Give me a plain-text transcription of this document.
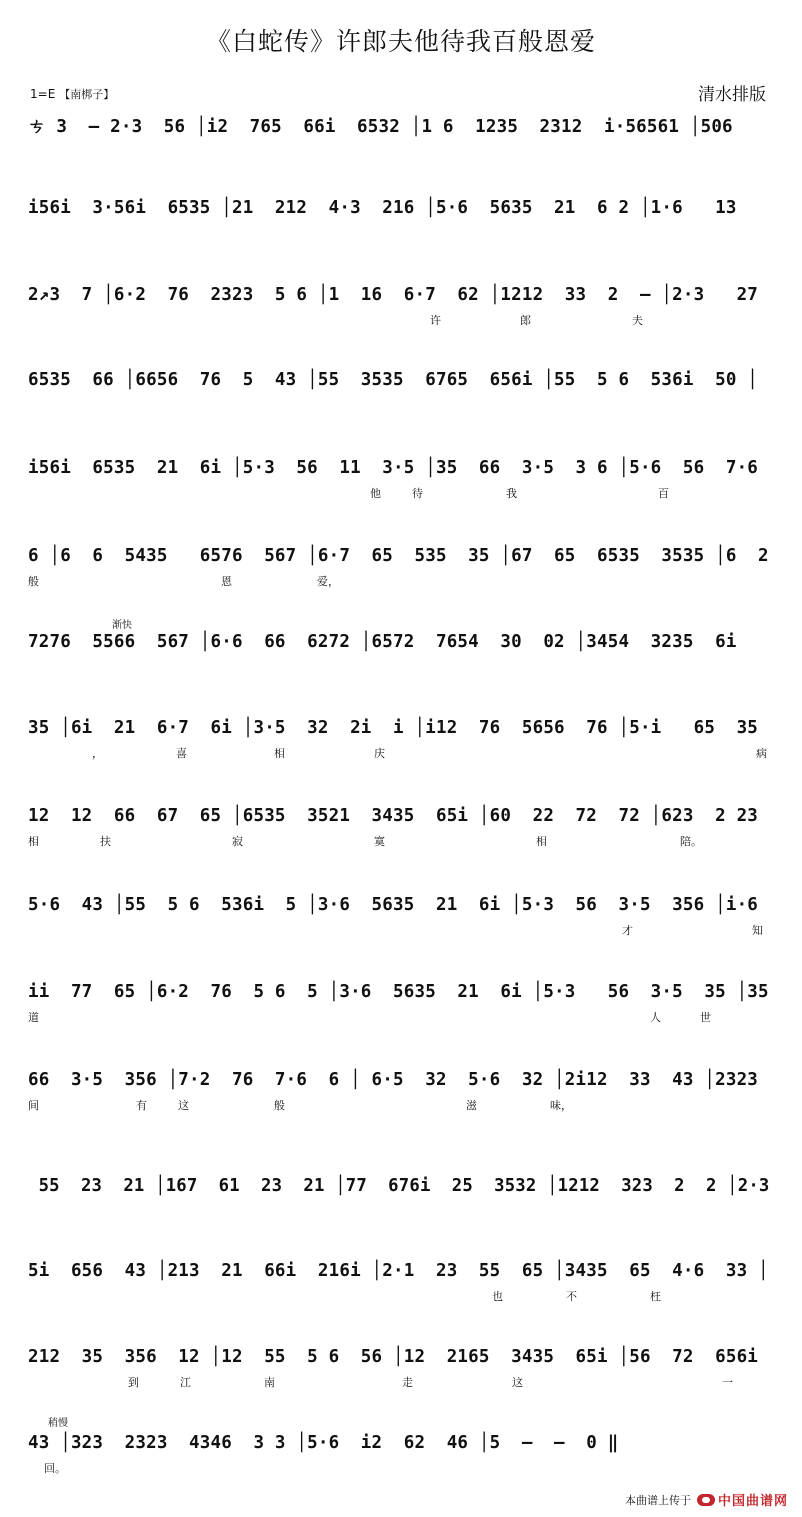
《白蛇传》许郎夫他待我百般恩爱
1=E 【南梆子】	清水排版
ㄘ 3  – 2·3  56 │i2  765  66i  6532 │1 6  1235  2312  i·56561 │506
i56i  3·56i  6535 │21  212  4·3  216 │5·6  5635  21  6 2 │1·6   13
2↗3  7 │6·2  76  2323  5 6 │1  16  6·7  62 │1212  33  2  – │2·3   27
许	郎	夫
6535  66 │6656  76  5  43 │55  3535  6765  656i │55  5 6  536i  50 │
i56i  6535  21  6i │5·3  56  11  3·5 │35  66  3·5  3 6 │5·6  56  7·6
他	待	我	百
6 │6  6  5435   6576  567 │6·7  65  535  35 │67  65  6535  3535 │6  2
般	恩	爱，
7276  5566  567 │6·6  66  6272 │6572  7654  30  02 │3454  3235  6i
35 │6i  21  6·7  6i │3·5  32  2i  i │i12  76  5656  76 │5·i   65  35
，	喜	相	庆	病
12  12  66  67  65 │6535  3521  3435  65i │60  22  72  72 │623  2 23
相	扶	寂	寞	相	陪。
5·6  43 │55  5 6  536i  5 │3·6  5635  21  6i │5·3  56  3·5  356 │i·6
才	知
ii  77  65 │6·2  76  5 6  5 │3·6  5635  21  6i │5·3   56  3·5  35 │35
道	人	世
66  3·5  356 │7·2  76  7·6  6 │ 6·5  32  5·6  32 │2i12  33  43 │2323
间	有	这	般	滋	味，
55  23  21 │167  61  23  21 │77  676i  25  3532 │1212  323  2  2 │2·3
5i  656  43 │213  21  66i  216i │2·1  23  55  65 │3435  65  4·6  33 │
也	不	枉
212  35  356  12 │12  55  5 6  56 │12  2165  3435  65i │56  72  656i
到	江	南	走	这	一
43 │323  2323  4346  3 3 │5·6  i2  62  46 │5  –  –  0 ‖
回。
渐快
稍慢
本曲谱上传于 中国曲谱网
